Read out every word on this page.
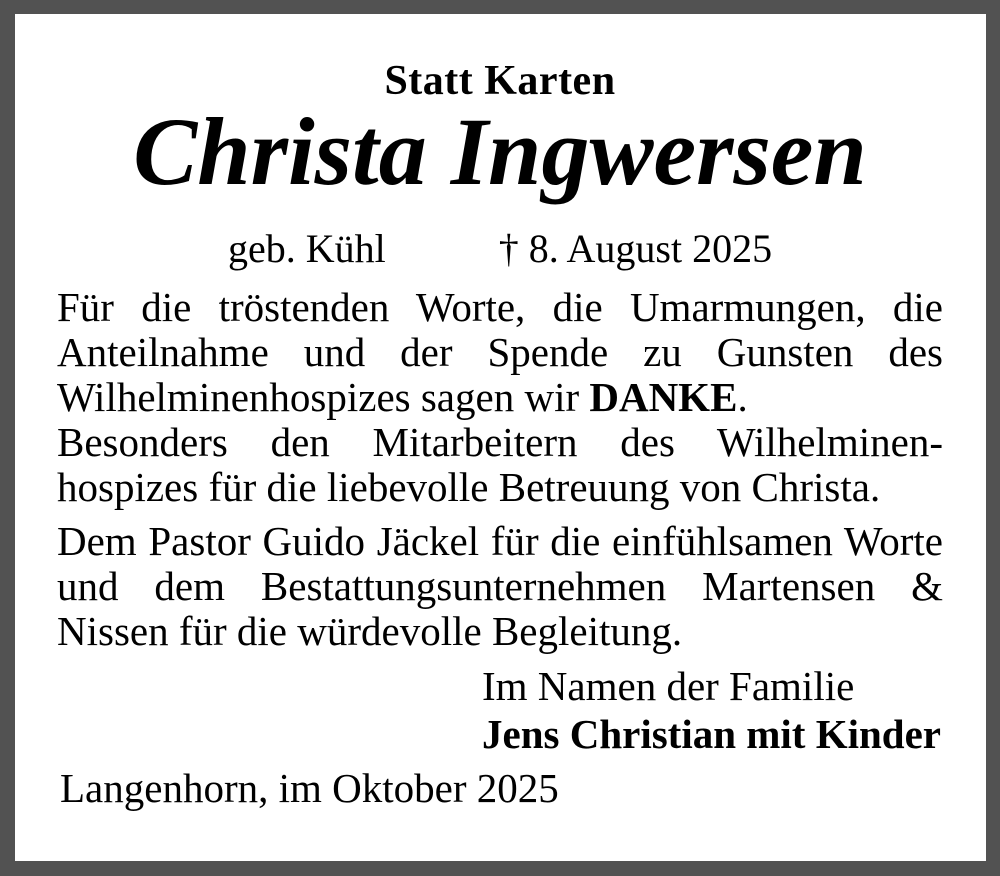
Statt Karten
Christa Ingwersen
geb. Kühl	† 8. August 2025
Für die tröstenden Worte, die Umarmungen, die
Anteilnahme und der Spende zu Gunsten des
Wilhelminenhospizes sagen wir DANKE.
Besonders den Mitarbeitern des Wilhelminen-
hospizes für die liebevolle Betreuung von Christa.
Dem Pastor Guido Jäckel für die einfühlsamen Worte
und dem Bestattungsunternehmen Martensen &
Nissen für die würdevolle Begleitung.
Im Namen der Familie
Jens Christian mit Kinder
Langenhorn, im Oktober 2025
